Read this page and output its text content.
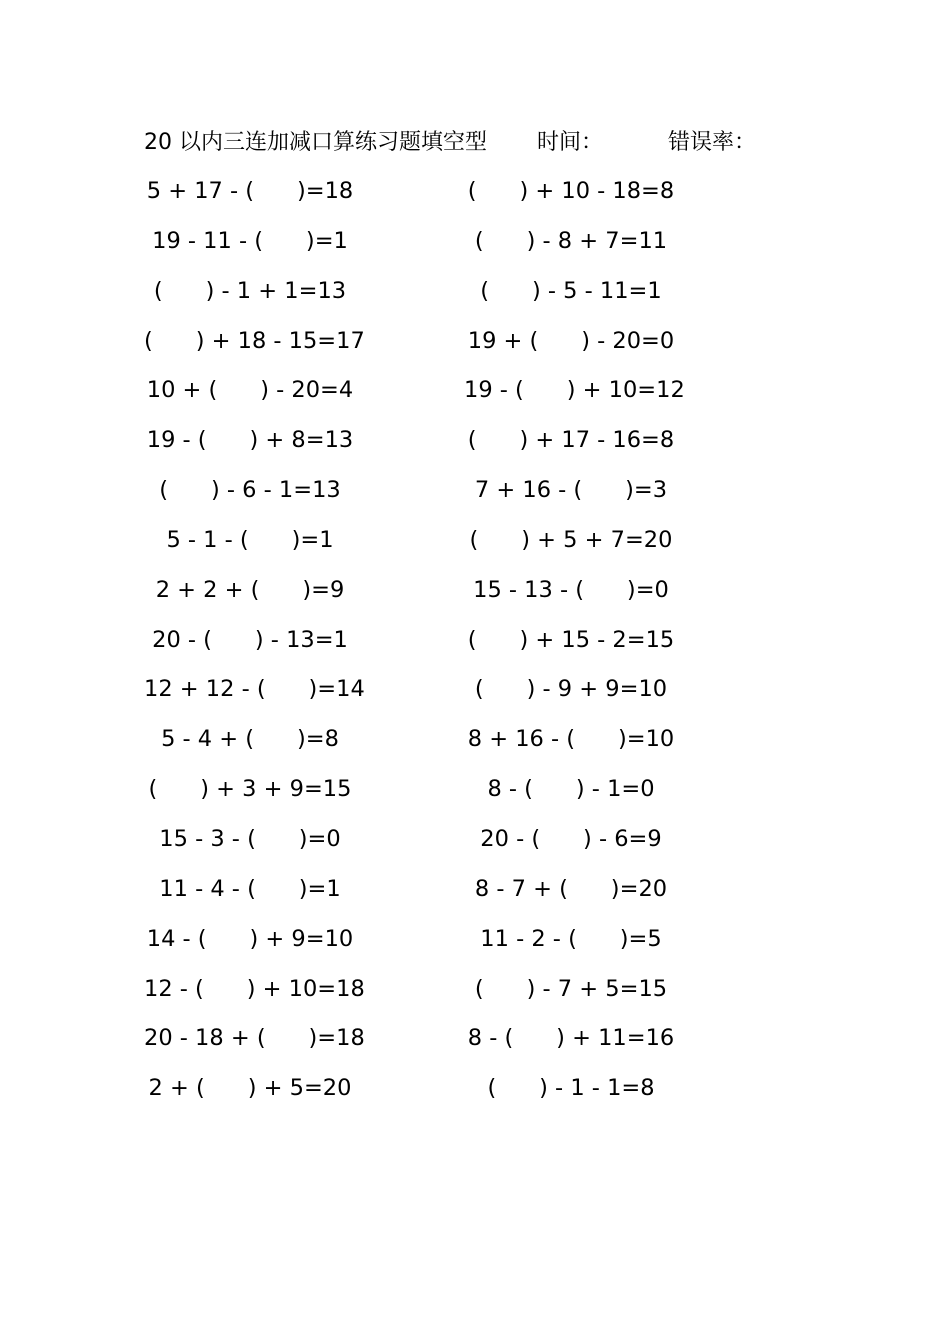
20 以内三连加减口算练习题填空型 时间：	错误率：
5 + 17 - (      )=18	(      ) + 10 - 18=8
19 - 11 - (      )=1	(      ) - 8 + 7=11
(      ) - 1 + 1=13	(      ) - 5 - 11=1
(      ) + 18 - 15=17	19 + (      ) - 20=0
10 + (      ) - 20=4	19 - (      ) + 10=12
19 - (      ) + 8=13	(      ) + 17 - 16=8
(      ) - 6 - 1=13	7 + 16 - (      )=3
5 - 1 - (      )=1	(      ) + 5 + 7=20
2 + 2 + (      )=9	15 - 13 - (      )=0
20 - (      ) - 13=1	(      ) + 15 - 2=15
12 + 12 - (      )=14	(      ) - 9 + 9=10
5 - 4 + (      )=8	8 + 16 - (      )=10
(      ) + 3 + 9=15	8 - (      ) - 1=0
15 - 3 - (      )=0	20 - (      ) - 6=9
11 - 4 - (      )=1	8 - 7 + (      )=20
14 - (      ) + 9=10	11 - 2 - (      )=5
12 - (      ) + 10=18	(      ) - 7 + 5=15
20 - 18 + (      )=18	8 - (      ) + 11=16
2 + (      ) + 5=20	(      ) - 1 - 1=8
